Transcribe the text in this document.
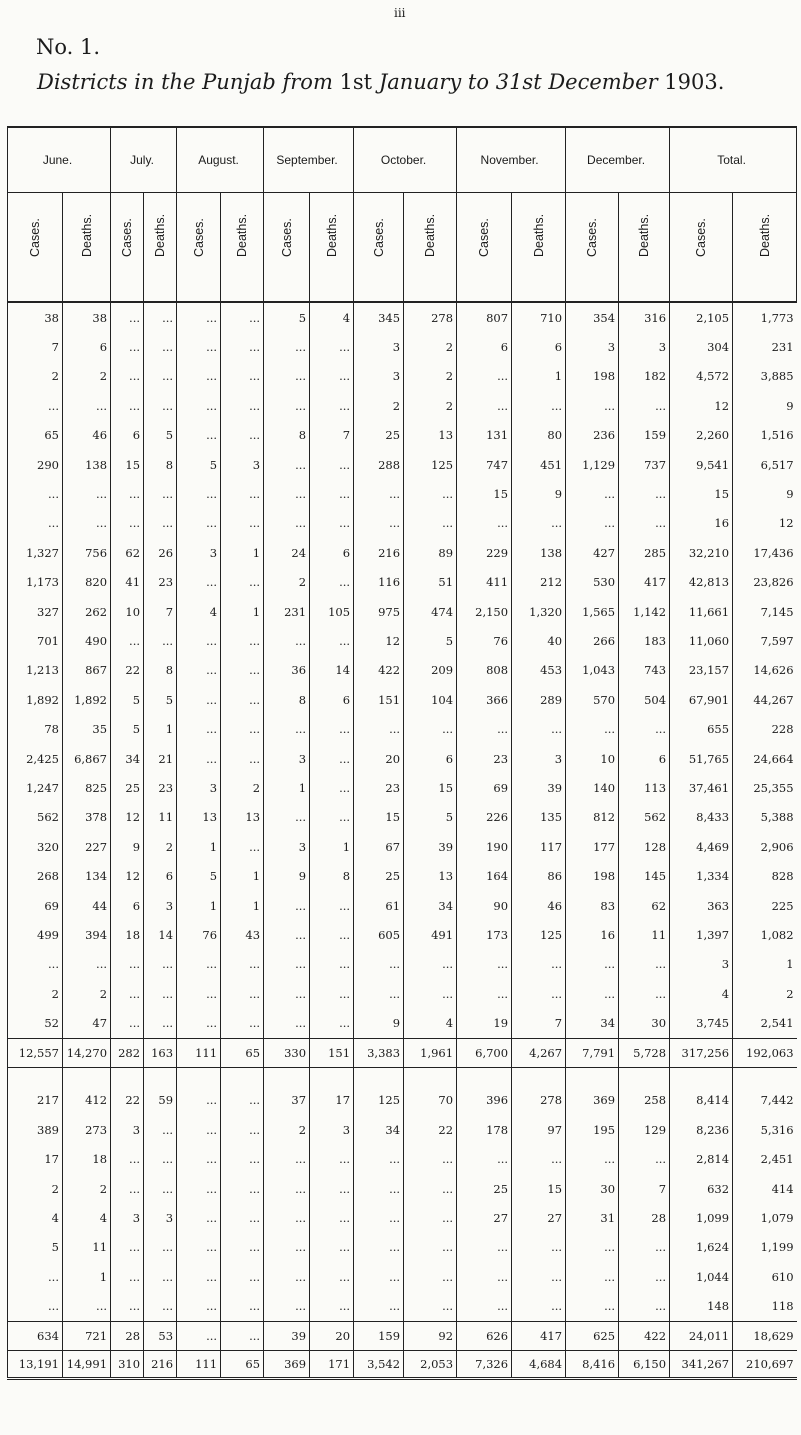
iii
No. 1.
Districts in the Punjab from 1st January to 31st December 1903.
June.		July.		August.		September.		October.		November.		December.		Total.	

Cases.	Deaths.	Cases.	Deaths.	Cases.	Deaths.	Cases.	Deaths.	Cases.	Deaths.	Cases.	Deaths.	Cases.	Deaths.	Cases.	Deaths.

38	38	...	...	...	...	5	4	345	278	807	710	354	316	2,105	1,773
7	6	...	...	...	...	...	...	3	2	6	6	3	3	304	231
2	2	...	...	...	...	...	...	3	2	...	1	198	182	4,572	3,885
...	...	...	...	...	...	...	...	2	2	...	...	...	...	12	9
65	46	6	5	...	...	8	7	25	13	131	80	236	159	2,260	1,516
290	138	15	8	5	3	...	...	288	125	747	451	1,129	737	9,541	6,517
...	...	...	...	...	...	...	...	...	...	15	9	...	...	15	9
...	...	...	...	...	...	...	...	...	...	...	...	...	...	16	12
1,327	756	62	26	3	1	24	6	216	89	229	138	427	285	32,210	17,436
1,173	820	41	23	...	...	2	...	116	51	411	212	530	417	42,813	23,826
327	262	10	7	4	1	231	105	975	474	2,150	1,320	1,565	1,142	11,661	7,145
701	490	...	...	...	...	...	...	12	5	76	40	266	183	11,060	7,597
1,213	867	22	8	...	...	36	14	422	209	808	453	1,043	743	23,157	14,626
1,892	1,892	5	5	...	...	8	6	151	104	366	289	570	504	67,901	44,267
78	35	5	1	...	...	...	...	...	...	...	...	...	...	655	228
2,425	6,867	34	21	...	...	3	...	20	6	23	3	10	6	51,765	24,664
1,247	825	25	23	3	2	1	...	23	15	69	39	140	113	37,461	25,355
562	378	12	11	13	13	...	...	15	5	226	135	812	562	8,433	5,388
320	227	9	2	1	...	3	1	67	39	190	117	177	128	4,469	2,906
268	134	12	6	5	1	9	8	25	13	164	86	198	145	1,334	828
69	44	6	3	1	1	...	...	61	34	90	46	83	62	363	225
499	394	18	14	76	43	...	...	605	491	173	125	16	11	1,397	1,082
...	...	...	...	...	...	...	...	...	...	...	...	...	...	3	1
2	2	...	...	...	...	...	...	...	...	...	...	...	...	4	2
52	47	...	...	...	...	...	...	9	4	19	7	34	30	3,745	2,541
12,557	14,270	282	163	111	65	330	151	3,383	1,961	6,700	4,267	7,791	5,728	317,256	192,063

217	412	22	59	...	...	37	17	125	70	396	278	369	258	8,414	7,442
389	273	3	...	...	...	2	3	34	22	178	97	195	129	8,236	5,316
17	18	...	...	...	...	...	...	...	...	...	...	...	...	2,814	2,451
2	2	...	...	...	...	...	...	...	...	25	15	30	7	632	414
4	4	3	3	...	...	...	...	...	...	27	27	31	28	1,099	1,079
5	11	...	...	...	...	...	...	...	...	...	...	...	...	1,624	1,199
...	1	...	...	...	...	...	...	...	...	...	...	...	...	1,044	610
...	...	...	...	...	...	...	...	...	...	...	...	...	...	148	118
634	721	28	53	...	...	39	20	159	92	626	417	625	422	24,011	18,629
13,191	14,991	310	216	111	65	369	171	3,542	2,053	7,326	4,684	8,416	6,150	341,267	210,697
